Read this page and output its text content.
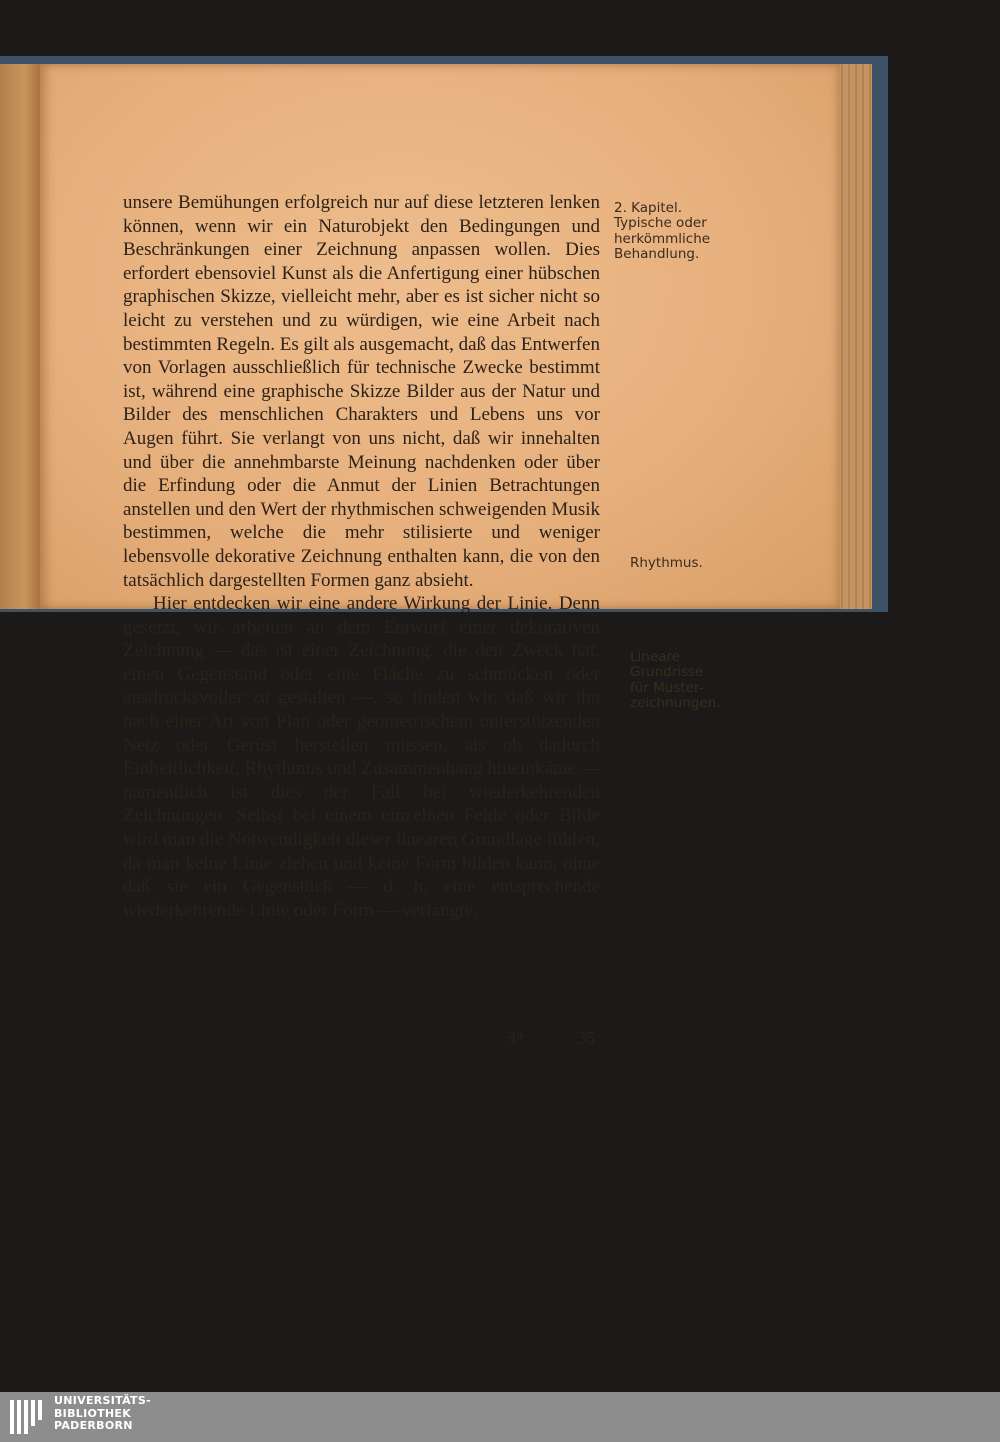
unsere Bemühungen erfolgreich nur auf diese letzteren lenken können, wenn wir ein Naturobjekt den Bedingungen und Beschränkungen einer Zeichnung anpassen wollen. Dies erfordert ebensoviel Kunst als die Anfertigung einer hübschen graphischen Skizze, vielleicht mehr, aber es ist sicher nicht so leicht zu verstehen und zu würdigen, wie eine Arbeit nach bestimmten Regeln. Es gilt als ausgemacht, daß das Entwerfen von Vorlagen ausschließlich für technische Zwecke bestimmt ist, während eine graphische Skizze Bilder aus der Natur und Bilder des menschlichen Charakters und Lebens uns vor Augen führt. Sie verlangt von uns nicht, daß wir innehalten und über die annehmbarste Meinung nachdenken oder über die Erfindung oder die Anmut der Linien Betrachtungen anstellen und den Wert der rhythmischen schweigenden Musik bestimmen, welche die mehr stilisierte und weniger lebensvolle dekorative Zeichnung enthalten kann, die von den tatsächlich dargestellten Formen ganz absieht.

Hier entdecken wir eine andere Wirkung der Linie. Denn gesetzt, wir arbeiten an dem Entwurf einer dekorativen Zeichnung — das ist einer Zeichnung, die den Zweck hat, einen Gegenstand oder eine Fläche zu schmücken oder ausdrucksvoller zu gestalten —, so finden wir, daß wir ihn nach einer Art von Plan oder geometrischem unterstützenden Netz oder Gerüst herstellen müssen, als ob dadurch Einheitlichkeit, Rhythmus und Zusammenhang hineinkäme — namentlich ist dies der Fall bei wiederkehrenden Zeichnungen. Selbst bei einem einzelnen Felde oder Bilde wird man die Notwendigkeit dieser linearen Grundlage fühlen, da man keine Linie ziehen und keine Form bilden kann, ohne daß sie ein Gegenstück — d. h. eine entsprechende wiederkehrende Linie oder Form — verlangte.

2. Kapitel.
Typische oder
herkömmliche
Behandlung.
Rhythmus.
Lineare
Grundrisse
für Muster-
zeichnungen.
3*	35
UNIVERSITÄTS-
BIBLIOTHEK
PADERBORN
